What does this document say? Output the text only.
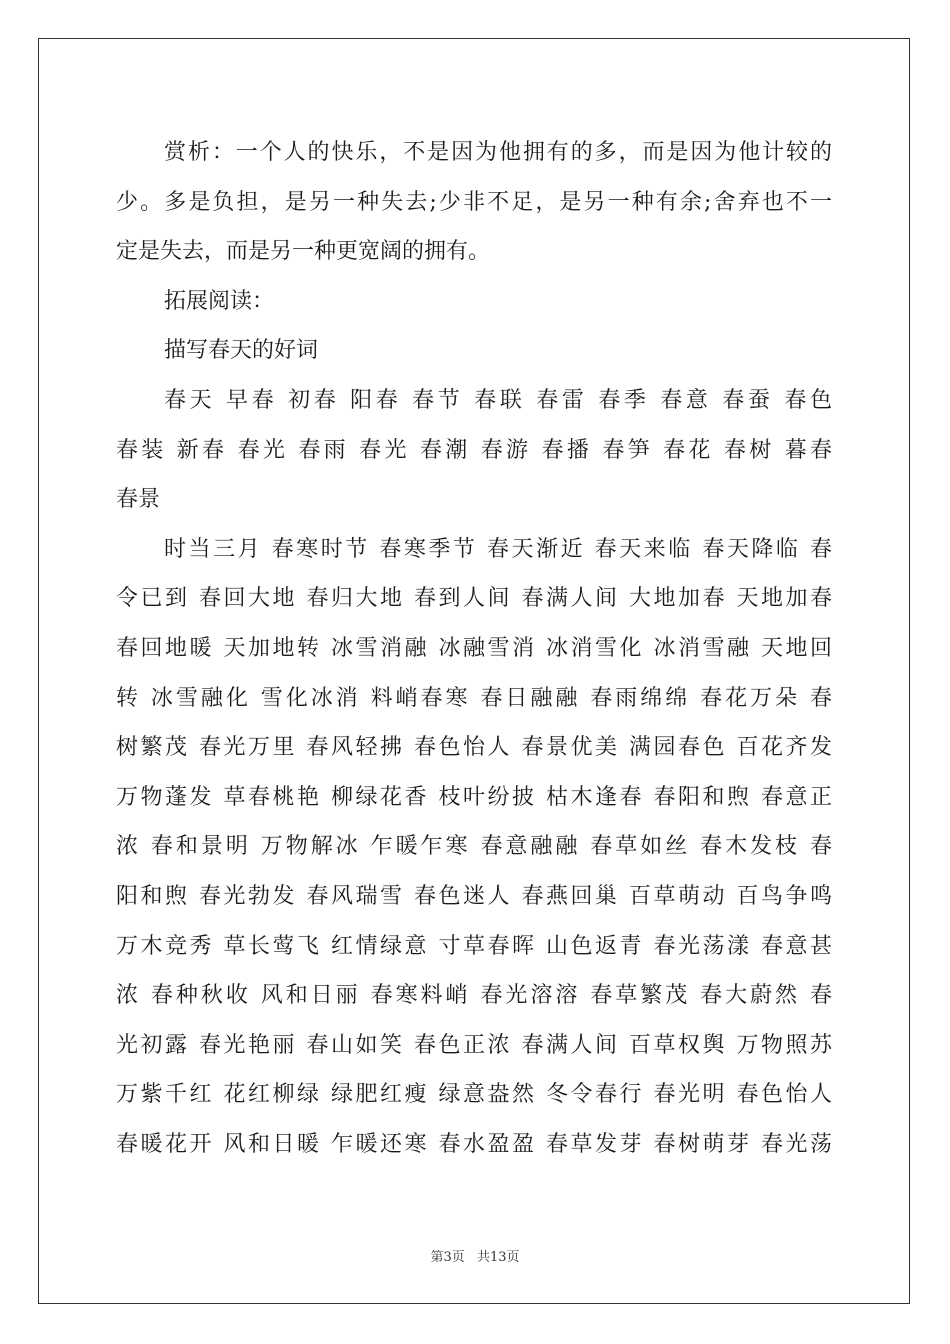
赏析：一个人的快乐，不是因为他拥有的多，而是因为他计较的
少。多是负担，是另一种失去;少非不足，是另一种有余;舍弃也不一
定是失去，而是另一种更宽阔的拥有。

拓展阅读：

描写春天的好词

春天 早春 初春 阳春 春节 春联 春雷 春季 春意 春蚕 春色
春装 新春 春光 春雨 春光 春潮 春游 春播 春笋 春花 春树 暮春
春景

时当三月 春寒时节 春寒季节 春天渐近 春天来临 春天降临 春
令已到 春回大地 春归大地 春到人间 春满人间 大地加春 天地加春
春回地暖 天加地转 冰雪消融 冰融雪消 冰消雪化 冰消雪融 天地回
转 冰雪融化 雪化冰消 料峭春寒 春日融融 春雨绵绵 春花万朵 春
树繁茂 春光万里 春风轻拂 春色怡人 春景优美 满园春色 百花齐发
万物蓬发 草春桃艳 柳绿花香 枝叶纷披 枯木逢春 春阳和煦 春意正
浓 春和景明 万物解冰 乍暖乍寒 春意融融 春草如丝 春木发枝 春
阳和煦 春光勃发 春风瑞雪 春色迷人 春燕回巢 百草萌动 百鸟争鸣
万木竞秀 草长莺飞 红情绿意 寸草春晖 山色返青 春光荡漾 春意甚
浓 春种秋收 风和日丽 春寒料峭 春光溶溶 春草繁茂 春大蔚然 春
光初露 春光艳丽 春山如笑 春色正浓 春满人间 百草权舆 万物照苏
万紫千红 花红柳绿 绿肥红瘦 绿意盎然 冬令春行 春光明 春色怡人
春暖花开 风和日暖 乍暖还寒 春水盈盈 春草发芽 春树萌芽 春光荡

第3页 共13页
